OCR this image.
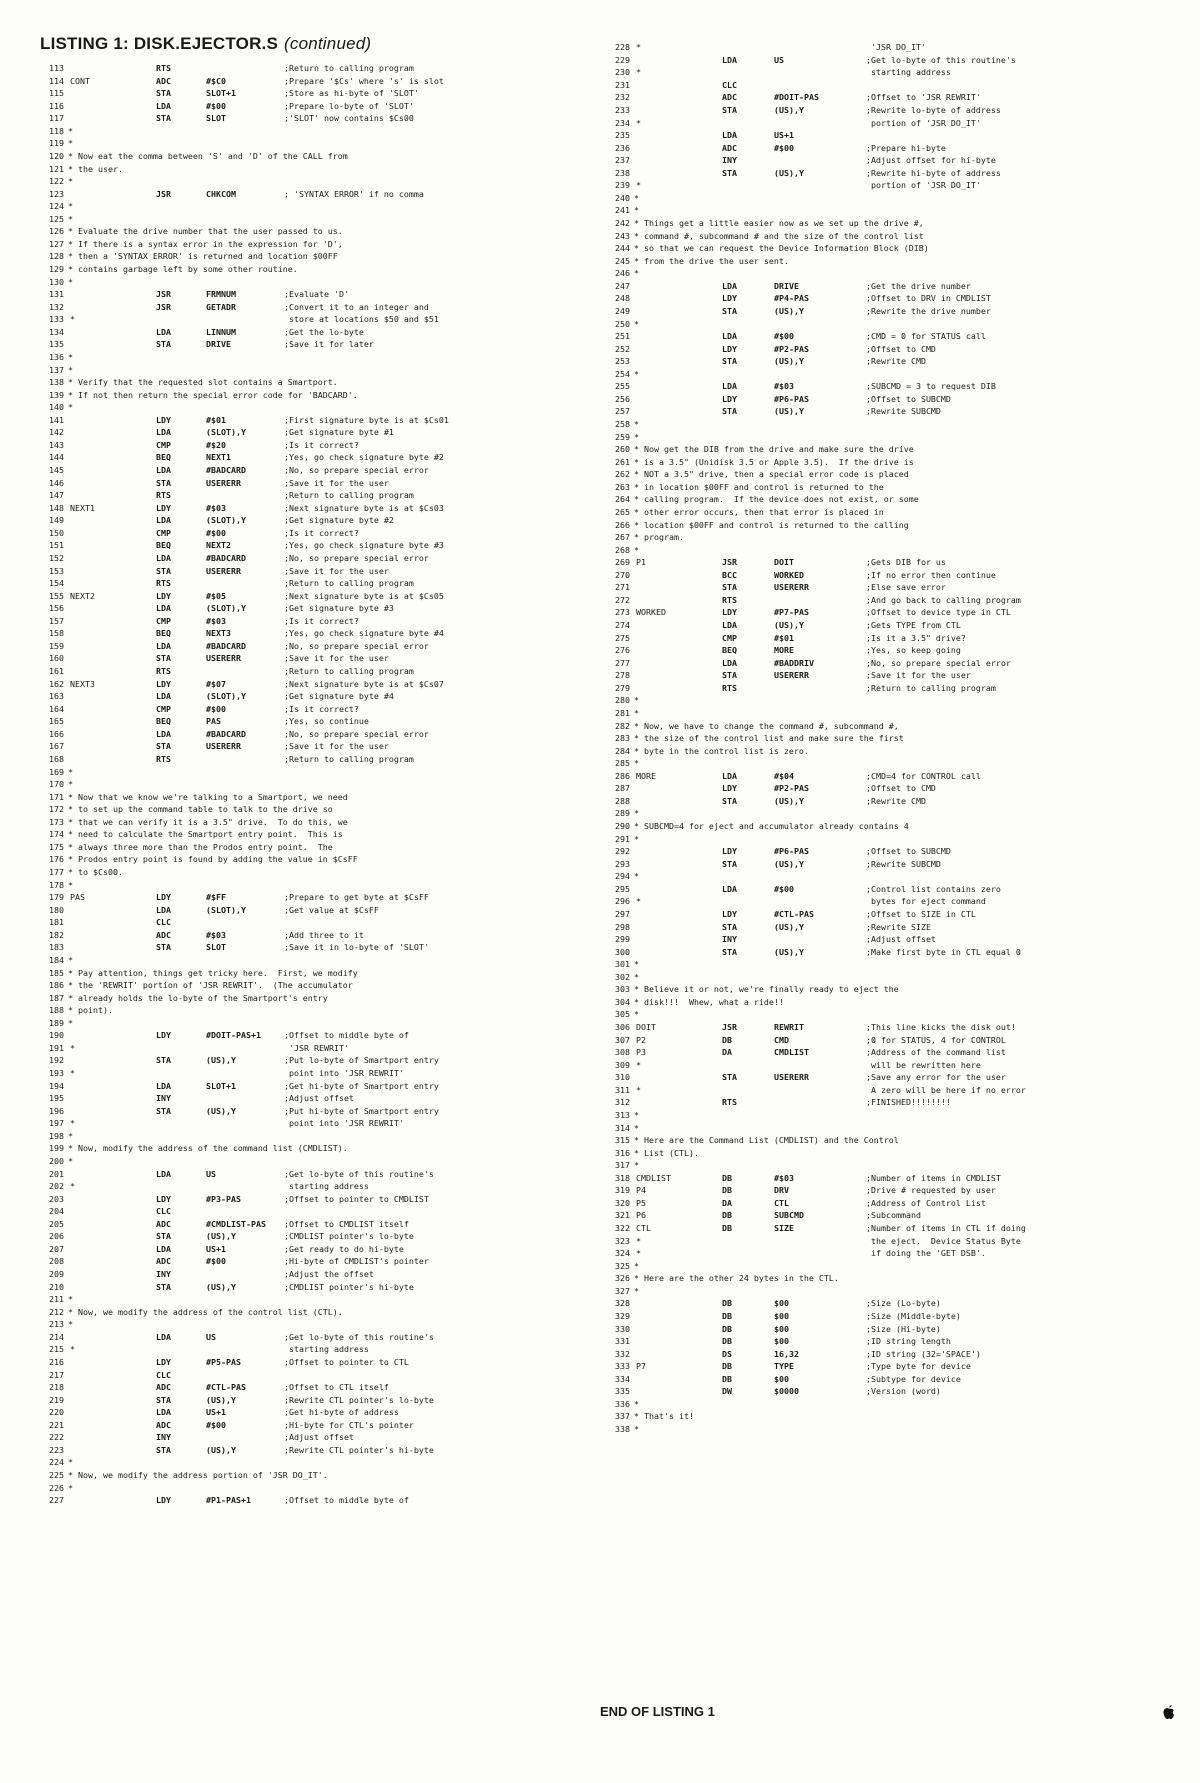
LISTING 1: DISK.EJECTOR.S (continued)
113	RTS	;Return to calling program
114 CONT	ADC	#$C0	;Prepare '$Cs' where 's' is slot
115	STA	SLOT+1	;Store as hi-byte of 'SLOT'
116	LDA	#$00	;Prepare lo-byte of 'SLOT'
117	STA	SLOT	;'SLOT' now contains $Cs00
118 *
119 *
120 * Now eat the comma between 'S' and 'D' of the CALL from
121 * the user.
122 *
123	JSR	CHKCOM	; 'SYNTAX ERROR' if no comma
124 *
125 *
126 * Evaluate the drive number that the user passed to us.
127 * If there is a syntax error in the expression for 'D',
128 * then a 'SYNTAX ERROR' is returned and location $00FF
129 * contains garbage left by some other routine.
130 *
131	JSR	FRMNUM	;Evaluate 'D'
132	JSR	GETADR	;Convert it to an integer and
133 *	store at locations $50 and $51
134	LDA	LINNUM	;Get the lo-byte
135	STA	DRIVE	;Save it for later
136 *
137 *
138 * Verify that the requested slot contains a Smartport.
139 * If not then return the special error code for 'BADCARD'.
140 *
141	LDY	#$01	;First signature byte is at $Cs01
142	LDA	(SLOT),Y	;Get signature byte #1
143	CMP	#$20	;Is it correct?
144	BEQ	NEXT1	;Yes, go check signature byte #2
145	LDA	#BADCARD	;No, so prepare special error
146	STA	USERERR	;Save it for the user
147	RTS	;Return to calling program
148 NEXT1	LDY	#$03	;Next signature byte is at $Cs03
149	LDA	(SLOT),Y	;Get signature byte #2
150	CMP	#$00	;Is it correct?
151	BEQ	NEXT2	;Yes, go check signature byte #3
152	LDA	#BADCARD	;No, so prepare special error
153	STA	USERERR	;Save it for the user
154	RTS	;Return to calling program
155 NEXT2	LDY	#$05	;Next signature byte is at $Cs05
156	LDA	(SLOT),Y	;Get signature byte #3
157	CMP	#$03	;Is it correct?
158	BEQ	NEXT3	;Yes, go check signature byte #4
159	LDA	#BADCARD	;No, so prepare special error
160	STA	USERERR	;Save it for the user
161	RTS	;Return to calling program
162 NEXT3	LDY	#$07	;Next signature byte is at $Cs07
163	LDA	(SLOT),Y	;Get signature byte #4
164	CMP	#$00	;Is it correct?
165	BEQ	PAS	;Yes, so continue
166	LDA	#BADCARD	;No, so prepare special error
167	STA	USERERR	;Save it for the user
168	RTS	;Return to calling program
169 *
170 *
171 * Now that we know we're talking to a Smartport, we need
172 * to set up the command table to talk to the drive so
173 * that we can verify it is a 3.5" drive.  To do this, we
174 * need to calculate the Smartport entry point.  This is
175 * always three more than the Prodos entry point.  The
176 * Prodos entry point is found by adding the value in $CsFF
177 * to $Cs00.
178 *
179 PAS	LDY	#$FF	;Prepare to get byte at $CsFF
180	LDA	(SLOT),Y	;Get value at $CsFF
181	CLC
182	ADC	#$03	;Add three to it
183	STA	SLOT	;Save it in lo-byte of 'SLOT'
184 *
185 * Pay attention, things get tricky here.  First, we modify
186 * the 'REWRIT' portion of 'JSR REWRIT'.  (The accumulator
187 * already holds the lo-byte of the Smartport's entry
188 * point).
189 *
190	LDY	#DOIT-PAS+1	;Offset to middle byte of
191 *	'JSR REWRIT'
192	STA	(US),Y	;Put lo-byte of Smartport entry
193 *	point into 'JSR REWRIT'
194	LDA	SLOT+1	;Get hi-byte of Smartport entry
195	INY	;Adjust offset
196	STA	(US),Y	;Put hi-byte of Smartport entry
197 *	point into 'JSR REWRIT'
198 *
199 * Now, modify the address of the command list (CMDLIST).
200 *
201	LDA	US	;Get lo-byte of this routine's
202 *	starting address
203	LDY	#P3-PAS	;Offset to pointer to CMDLIST
204	CLC
205	ADC	#CMDLIST-PAS ;Offset to CMDLIST itself
206	STA	(US),Y	;CMDLIST pointer's lo-byte
207	LDA	US+1	;Get ready to do hi-byte
208	ADC	#$00	;Hi-byte of CMDLIST's pointer
209	INY	;Adjust the offset
210	STA	(US),Y	;CMDLIST pointer's hi-byte
211 *
212 * Now, we modify the address of the control list (CTL).
213 *
214	LDA	US	;Get lo-byte of this routine's
215 *	starting address
216	LDY	#P5-PAS	;Offset to pointer to CTL
217	CLC
218	ADC	#CTL-PAS	;Offset to CTL itself
219	STA	(US),Y	;Rewrite CTL pointer's lo-byte
220	LDA	US+1	;Get hi-byte of address
221	ADC	#$00	;Hi-byte for CTL's pointer
222	INY	;Adjust offset
223	STA	(US),Y	;Rewrite CTL pointer's hi-byte
224 *
225 * Now, we modify the address portion of 'JSR DO_IT'.
226 *
227	LDY	#P1-PAS+1	;Offset to middle byte of
228 *	'JSR DO_IT'
229	LDA	US	;Get lo-byte of this routine's
230 *	starting address
231	CLC
232	ADC	#DOIT-PAS	;Offset to 'JSR REWRIT'
233	STA	(US),Y	;Rewrite lo-byte of address
234 *	portion of 'JSR DO_IT'
235	LDA	US+1
236	ADC	#$00	;Prepare hi-byte
237	INY	;Adjust offset for hi-byte
238	STA	(US),Y	;Rewrite hi-byte of address
239 *	portion of 'JSR DO_IT'
240 *
241 *
242 * Things get a little easier now as we set up the drive #,
243 * command #, subcommand # and the size of the control list
244 * so that we can request the Device Information Block (DIB)
245 * from the drive the user sent.
246 *
247	LDA	DRIVE	;Get the drive number
248	LDY	#P4-PAS	;Offset to DRV in CMDLIST
249	STA	(US),Y	;Rewrite the drive number
250 *
251	LDA	#$00	;CMD = 0 for STATUS call
252	LDY	#P2-PAS	;Offset to CMD
253	STA	(US),Y	;Rewrite CMD
254 *
255	LDA	#$03	;SUBCMD = 3 to request DIB
256	LDY	#P6-PAS	;Offset to SUBCMD
257	STA	(US),Y	;Rewrite SUBCMD
258 *
259 *
260 * Now get the DIB from the drive and make sure the drive
261 * is a 3.5" (Unidisk 3.5 or Apple 3.5).  If the drive is
262 * NOT a 3.5" drive, then a special error code is placed
263 * in location $00FF and control is returned to the
264 * calling program.  If the device does not exist, or some
265 * other error occurs, then that error is placed in
266 * location $00FF and control is returned to the calling
267 * program.
268 *
269 P1	JSR	DOIT	;Gets DIB for us
270	BCC	WORKED	;If no error then continue
271	STA	USERERR	;Else save error
272	RTS	;And go back to calling program
273 WORKED	LDY	#P7-PAS	;Offset to device type in CTL
274	LDA	(US),Y	;Gets TYPE from CTL
275	CMP	#$01	;Is it a 3.5" drive?
276	BEQ	MORE	;Yes, so keep going
277	LDA	#BADDRIV	;No, so prepare special error
278	STA	USERERR	;Save it for the user
279	RTS	;Return to calling program
280 *
281 *
282 * Now, we have to change the command #, subcommand #,
283 * the size of the control list and make sure the first
284 * byte in the control list is zero.
285 *
286 MORE	LDA	#$04	;CMD=4 for CONTROL call
287	LDY	#P2-PAS	;Offset to CMD
288	STA	(US),Y	;Rewrite CMD
289 *
290 * SUBCMD=4 for eject and accumulator already contains 4
291 *
292	LDY	#P6-PAS	;Offset to SUBCMD
293	STA	(US),Y	;Rewrite SUBCMD
294 *
295	LDA	#$00	;Control list contains zero
296 *	bytes for eject command
297	LDY	#CTL-PAS	;Offset to SIZE in CTL
298	STA	(US),Y	;Rewrite SIZE
299	INY	;Adjust offset
300	STA	(US),Y	;Make first byte in CTL equal 0
301 *
302 *
303 * Believe it or not, we're finally ready to eject the
304 * disk!!!  Whew, what a ride!!
305 *
306 DOIT	JSR	REWRIT	;This line kicks the disk out!
307 P2	DB	CMD	;0 for STATUS, 4 for CONTROL
308 P3	DA	CMDLIST	;Address of the command list
309 *	will be rewritten here
310	STA	USERERR	;Save any error for the user
311 *	A zero will be here if no error
312	RTS	;FINISHED!!!!!!!!
313 *
314 *
315 * Here are the Command List (CMDLIST) and the Control
316 * List (CTL).
317 *
318 CMDLIST	DB	#$03	;Number of items in CMDLIST
319 P4	DB	DRV	;Drive # requested by user
320 P5	DA	CTL	;Address of Control List
321 P6	DB	SUBCMD	;Subcommand
322 CTL	DB	SIZE	;Number of items in CTL if doing
323 *	the eject.  Device Status Byte
324 *	if doing the 'GET DSB'.
325 *
326 * Here are the other 24 bytes in the CTL.
327 *
328	DB	$00	;Size (Lo-byte)
329	DB	$00	;Size (Middle-byte)
330	DB	$00	;Size (Hi-byte)
331	DB	$00	;ID string length
332	DS	16,32	;ID string (32='SPACE')
333 P7	DB	TYPE	;Type byte for device
334	DB	$00	;Subtype for device
335	DW	$0000	;Version (word)
336 *
337 * That's it!
338 *
END OF LISTING 1
